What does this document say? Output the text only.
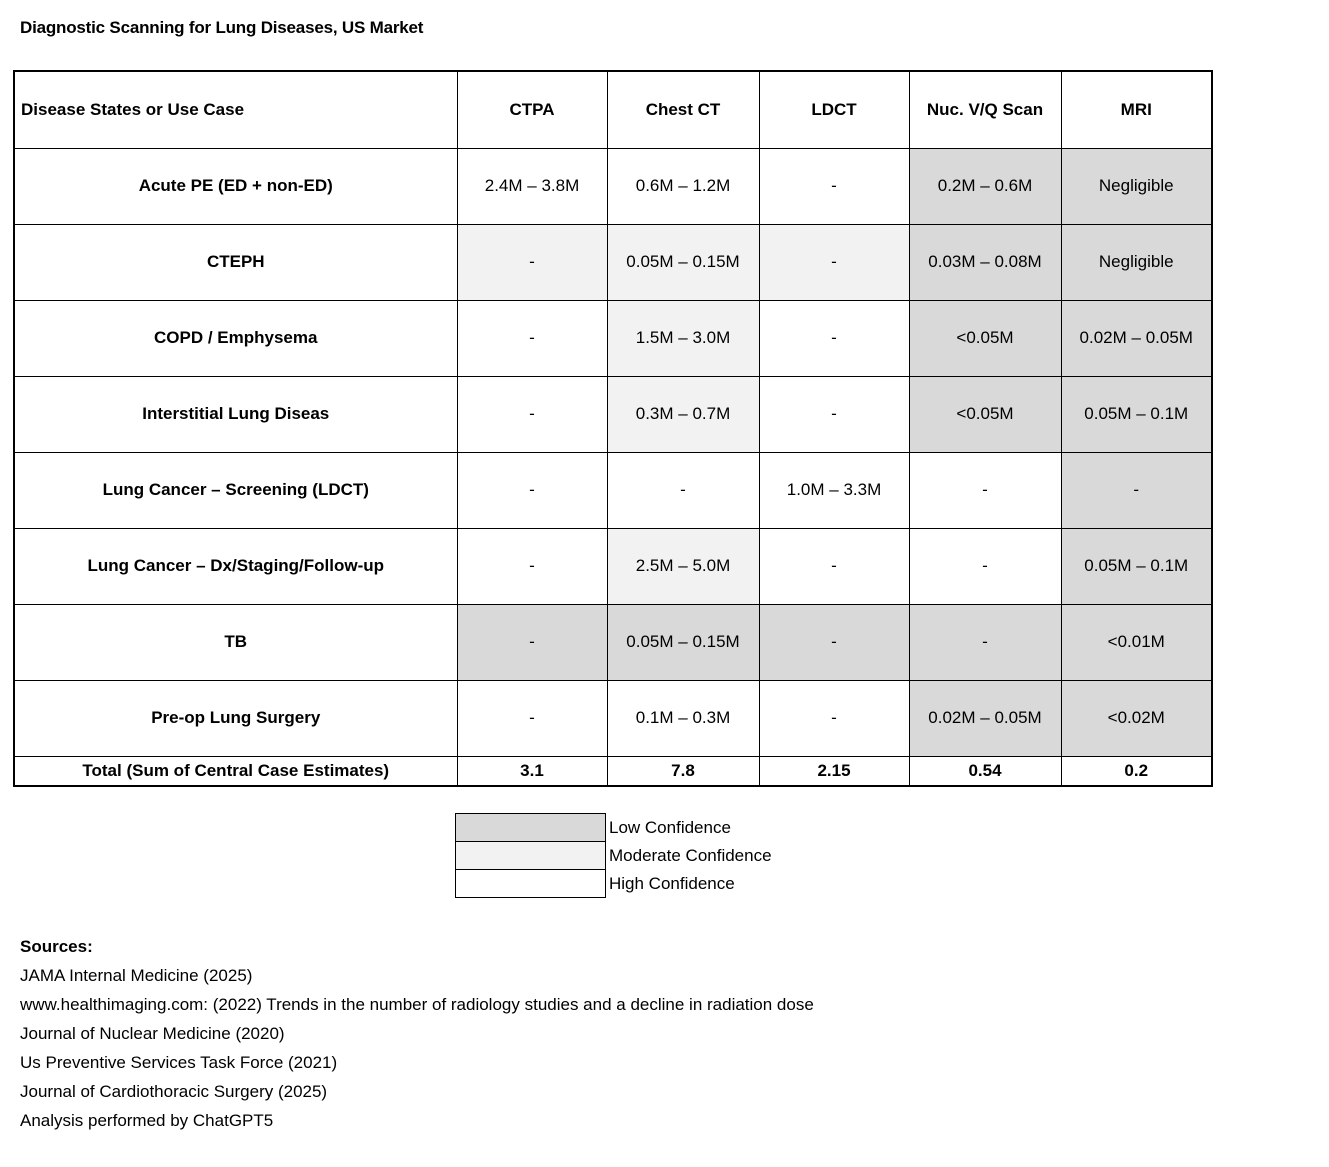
Diagnostic Scanning for Lung Diseases, US Market
Disease States or Use Case	CTPA	Chest CT	LDCT	Nuc. V/Q Scan	MRI
Acute PE (ED + non-ED)	2.4M – 3.8M	0.6M – 1.2M	-	0.2M – 0.6M	Negligible
CTEPH	-	0.05M – 0.15M	-	0.03M – 0.08M	Negligible
COPD / Emphysema	-	1.5M – 3.0M	-	<0.05M	0.02M – 0.05M
Interstitial Lung Diseas	-	0.3M – 0.7M	-	<0.05M	0.05M – 0.1M
Lung Cancer – Screening (LDCT)	-	-	1.0M – 3.3M	-	-
Lung Cancer – Dx/Staging/Follow-up	-	2.5M – 5.0M	-	-	0.05M – 0.1M
TB	-	0.05M – 0.15M	-	-	<0.01M
Pre-op Lung Surgery	-	0.1M – 0.3M	-	0.02M – 0.05M	<0.02M
Total (Sum of Central Case Estimates)	3.1	7.8	2.15	0.54	0.2
Low Confidence
Moderate Confidence
High Confidence
Sources:
JAMA Internal Medicine (2025)
www.healthimaging.com: (2022) Trends in the number of radiology studies and a decline in radiation dose
Journal of Nuclear Medicine (2020)
Us Preventive Services Task Force (2021)
Journal of Cardiothoracic Surgery (2025)
Analysis performed by ChatGPT5
